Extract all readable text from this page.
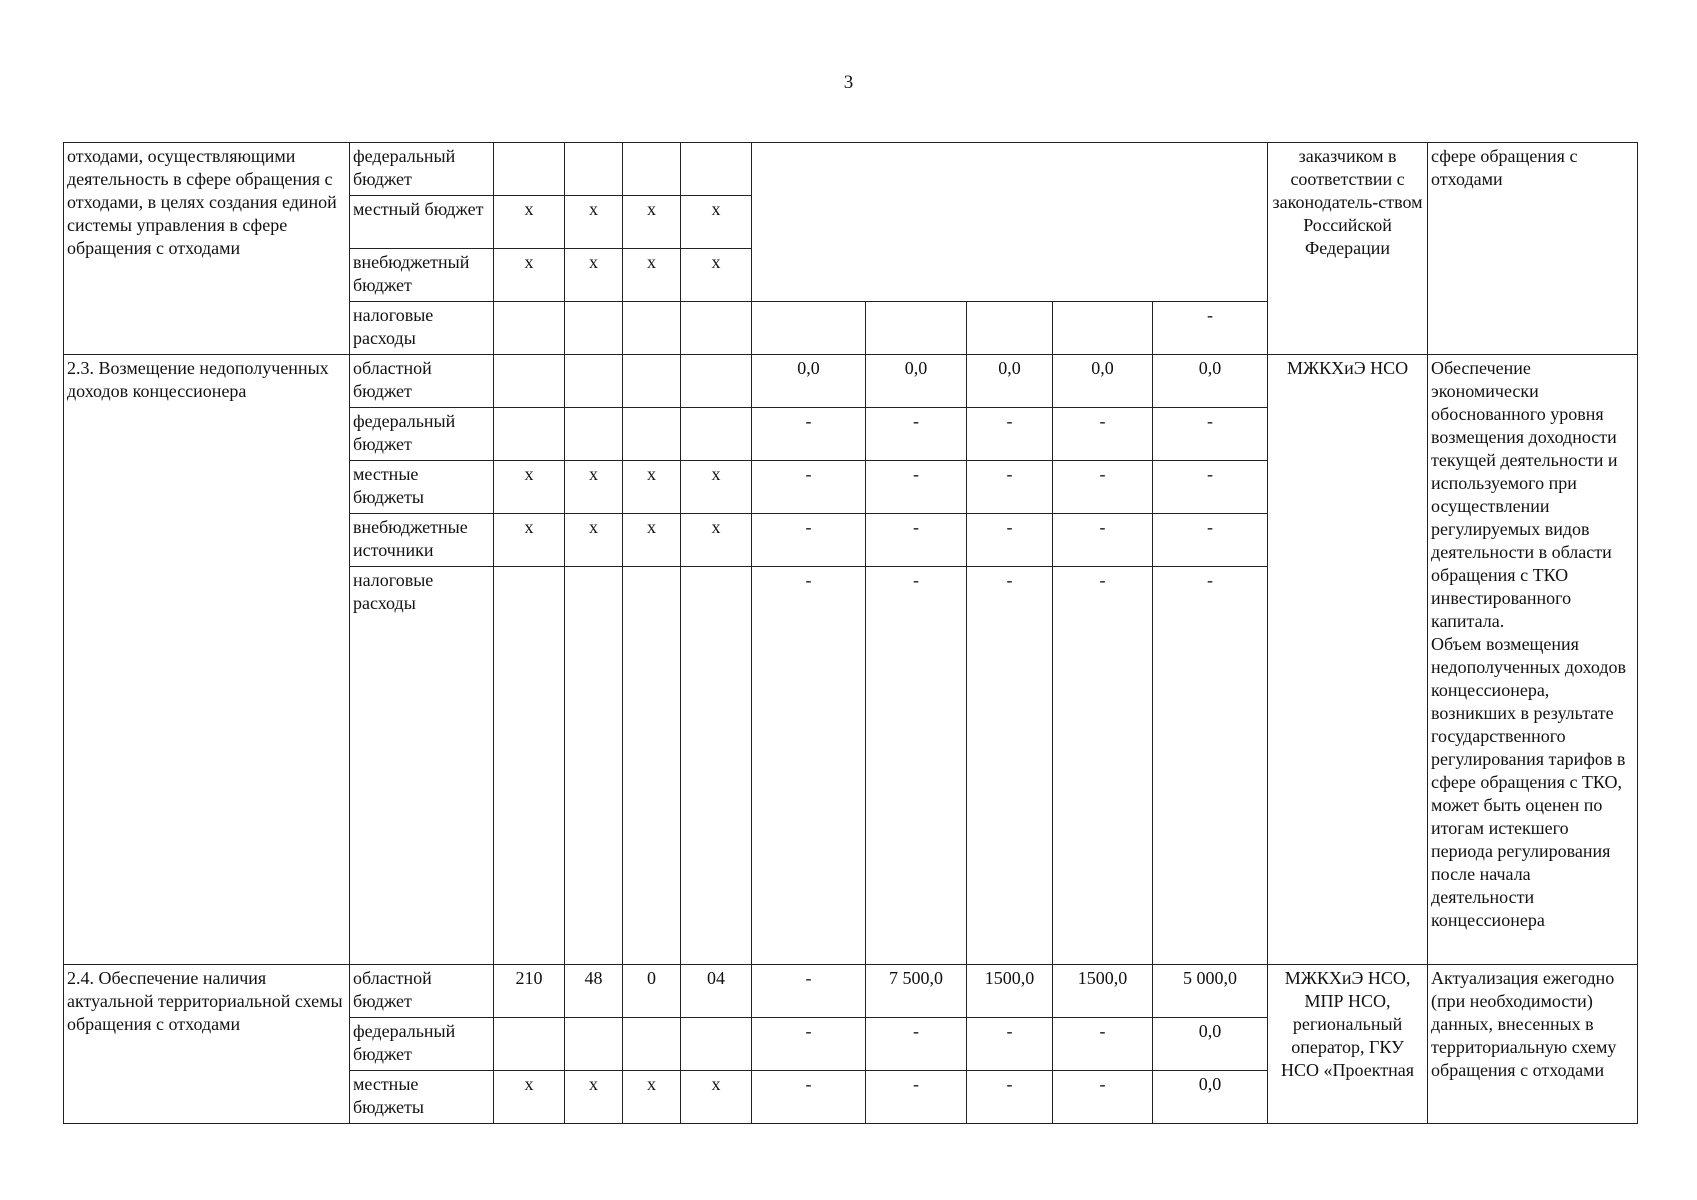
3
отходами, осуществляющими деятельность в сфере обращения с отходами, в целях создания единой системы управления в сфере обращения с отходами	федеральный бюджет										заказчиком в соответствии с законодатель-ством Российской Федерации	сфере обращения с отходами
	местный бюджет	x	x	x	x							
	внебюджетный бюджет	x	x	x	x							
	налоговые расходы									-		
2.3. Возмещение недополученных доходов концессионера	областной бюджет					0,0	0,0	0,0	0,0	0,0	МЖКХиЭ НСО	Обеспечение экономически обоснованного уровня возмещения доходности текущей деятельности и используемого при осуществлении регулируемых видов деятельности в области обращения с ТКО инвестированного капитала.
Объем возмещения недополученных доходов концессионера, возникших в результате государственного регулирования тарифов в сфере обращения с ТКО, может быть оценен по итогам истекшего периода регулирования после начала деятельности концессионера
	федеральный бюджет					-	-	-	-	-		
	местные бюджеты	x	x	x	x	-	-	-	-	-		
	внебюджетные источники	x	x	x	x	-	-	-	-	-		
	налоговые расходы					-	-	-	-	-		
2.4. Обеспечение наличия актуальной территориальной схемы обращения с отходами	областной бюджет	210	48	0	04	-	7 500,0	1500,0	1500,0	5 000,0	МЖКХиЭ НСО, МПР НСО, региональный оператор, ГКУ НСО «Проектная	Актуализация ежегодно (при необходимости) данных, внесенных в территориальную схему обращения с отходами
	федеральный бюджет					-	-	-	-	0,0		
	местные бюджеты	x	x	x	x	-	-	-	-	0,0		
